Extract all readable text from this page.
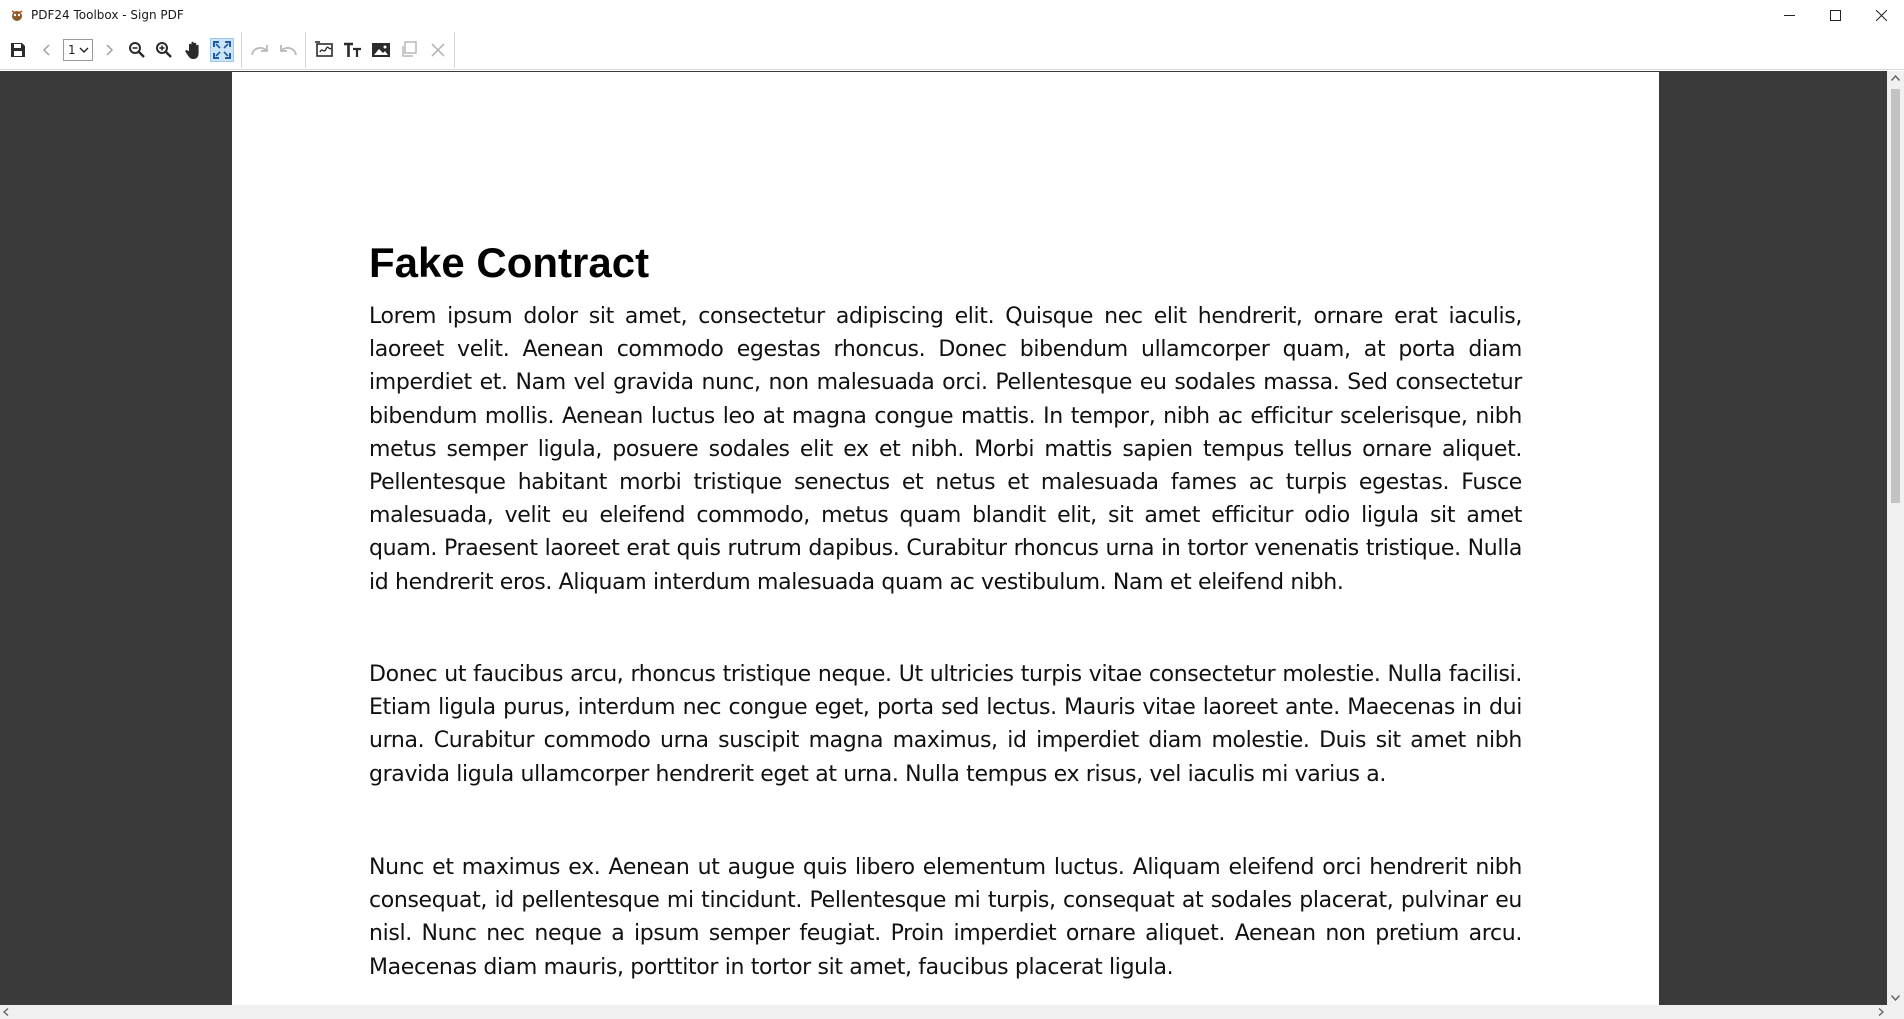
PDF24 Toolbox - Sign PDF
1
Fake Contract

Lorem ipsum dolor sit amet, consectetur adipiscing elit. Quisque nec elit hendrerit, ornare erat iaculis, laoreet velit. Aenean commodo egestas rhoncus. Donec bibendum ullamcorper quam, at porta diam imperdiet et. Nam vel gravida nunc, non malesuada orci. Pellentesque eu sodales massa. Sed consectetur bibendum mollis. Aenean luctus leo at magna congue mattis. In tempor, nibh ac efficitur scelerisque, nibh metus semper ligula, posuere sodales elit ex et nibh. Morbi mattis sapien tempus tellus ornare aliquet. Pellentesque habitant morbi tristique senectus et netus et malesuada fames ac turpis egestas. Fusce malesuada, velit eu eleifend commodo, metus quam blandit elit, sit amet efficitur odio ligula sit amet quam. Praesent laoreet erat quis rutrum dapibus. Curabitur rhoncus urna in tortor venenatis tristique. Nulla id hendrerit eros. Aliquam interdum malesuada quam ac vestibulum. Nam et eleifend nibh.

Donec ut faucibus arcu, rhoncus tristique neque. Ut ultricies turpis vitae consectetur molestie. Nulla facilisi. Etiam ligula purus, interdum nec congue eget, porta sed lectus. Mauris vitae laoreet ante. Maecenas in dui urna. Curabitur commodo urna suscipit magna maximus, id imperdiet diam molestie. Duis sit amet nibh gravida ligula ullamcorper hendrerit eget at urna. Nulla tempus ex risus, vel iaculis mi varius a.

Nunc et maximus ex. Aenean ut augue quis libero elementum luctus. Aliquam eleifend orci hendrerit nibh consequat, id pellentesque mi tincidunt. Pellentesque mi turpis, consequat at sodales placerat, pulvinar eu nisl. Nunc nec neque a ipsum semper feugiat. Proin imperdiet ornare aliquet. Aenean non pretium arcu. Maecenas diam mauris, porttitor in tortor sit amet, faucibus placerat ligula.
